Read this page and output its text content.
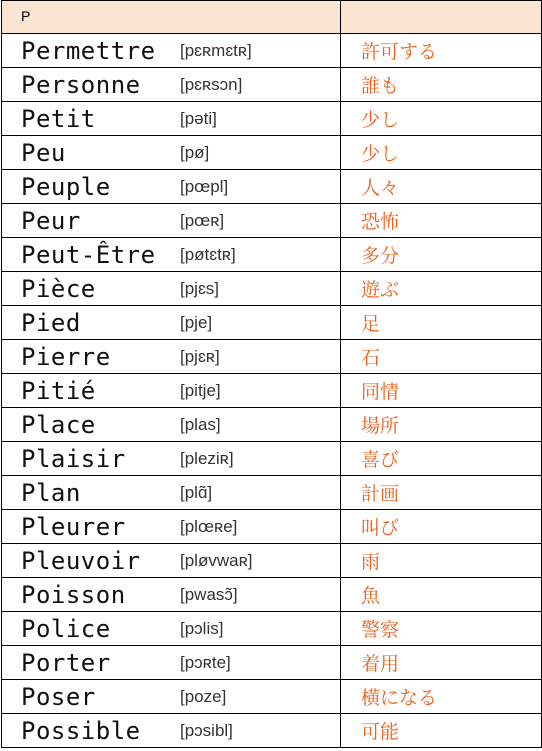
P	

Permettre [pɛʀmɛtʀ]	許可する

Personne [pɛʀsɔn]	誰も

Petit [pəti]	少し

Peu [pø]	少し

Peuple [pœpl]	人々

Peur [pœʀ]	恐怖

Peut-Être [pøtɛtʀ]	多分

Pièce [pjɛs]	遊ぶ

Pied [pje]	足

Pierre [pjɛʀ]	石

Pitié [pitje]	同情

Place [plas]	場所

Plaisir [pleziʀ]	喜び

Plan [plɑ̃]	計画

Pleurer [plœʀe]	叫び

Pleuvoir [pløvwaʀ]	雨

Poisson [pwasɔ̃]	魚

Police [pɔlis]	警察

Porter [pɔʀte]	着用

Poser [poze]	横になる

Possible [pɔsibl]	可能
